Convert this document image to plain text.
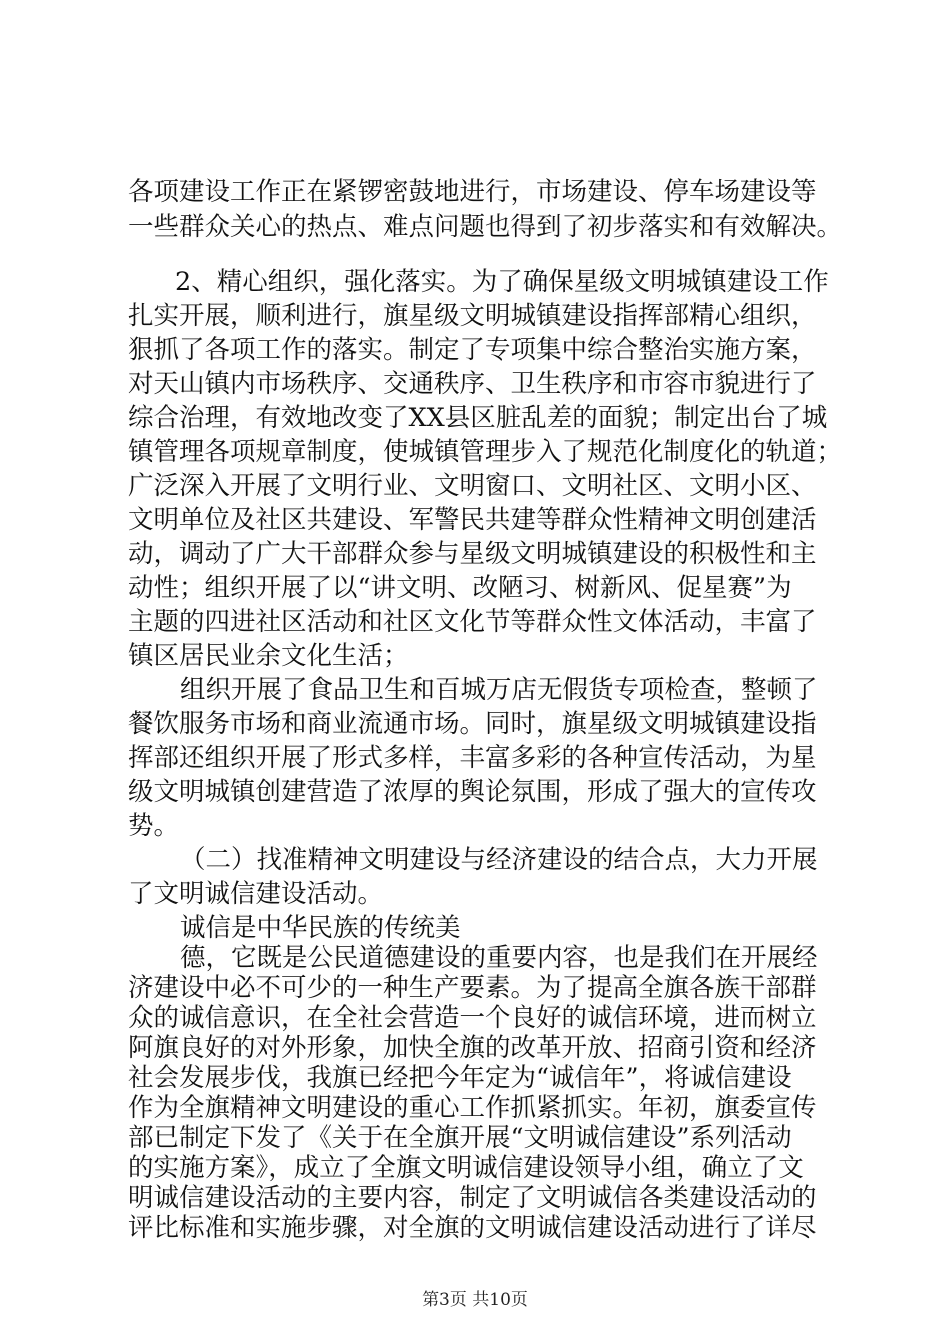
各项建设工作正在紧锣密鼓地进行，市场建设、停车场建设等
一些群众关心的热点、难点问题也得到了初步落实和有效解决。
2、精心组织，强化落实。为了确保星级文明城镇建设工作
扎实开展，顺利进行，旗星级文明城镇建设指挥部精心组织，
狠抓了各项工作的落实。制定了专项集中综合整治实施方案，
对天山镇内市场秩序、交通秩序、卫生秩序和市容市貌进行了
综合治理，有效地改变了XX县区脏乱差的面貌；制定出台了城
镇管理各项规章制度，使城镇管理步入了规范化制度化的轨道；
广泛深入开展了文明行业、文明窗口、文明社区、文明小区、
文明单位及社区共建设、军警民共建等群众性精神文明创建活
动，调动了广大干部群众参与星级文明城镇建设的积极性和主
动性；组织开展了以“讲文明、改陋习、树新风、促星赛”为
主题的四进社区活动和社区文化节等群众性文体活动，丰富了
镇区居民业余文化生活；
组织开展了食品卫生和百城万店无假货专项检查，整顿了
餐饮服务市场和商业流通市场。同时，旗星级文明城镇建设指
挥部还组织开展了形式多样，丰富多彩的各种宣传活动，为星
级文明城镇创建营造了浓厚的舆论氛围，形成了强大的宣传攻
势。
（二）找准精神文明建设与经济建设的结合点，大力开展
了文明诚信建设活动。
诚信是中华民族的传统美
德，它既是公民道德建设的重要内容，也是我们在开展经
济建设中必不可少的一种生产要素。为了提高全旗各族干部群
众的诚信意识，在全社会营造一个良好的诚信环境，进而树立
阿旗良好的对外形象，加快全旗的改革开放、招商引资和经济
社会发展步伐，我旗已经把今年定为“诚信年”，将诚信建设
作为全旗精神文明建设的重心工作抓紧抓实。年初，旗委宣传
部已制定下发了《关于在全旗开展“文明诚信建设”系列活动
的实施方案》，成立了全旗文明诚信建设领导小组，确立了文
明诚信建设活动的主要内容，制定了文明诚信各类建设活动的
评比标准和实施步骤，对全旗的文明诚信建设活动进行了详尽
第3页 共10页
